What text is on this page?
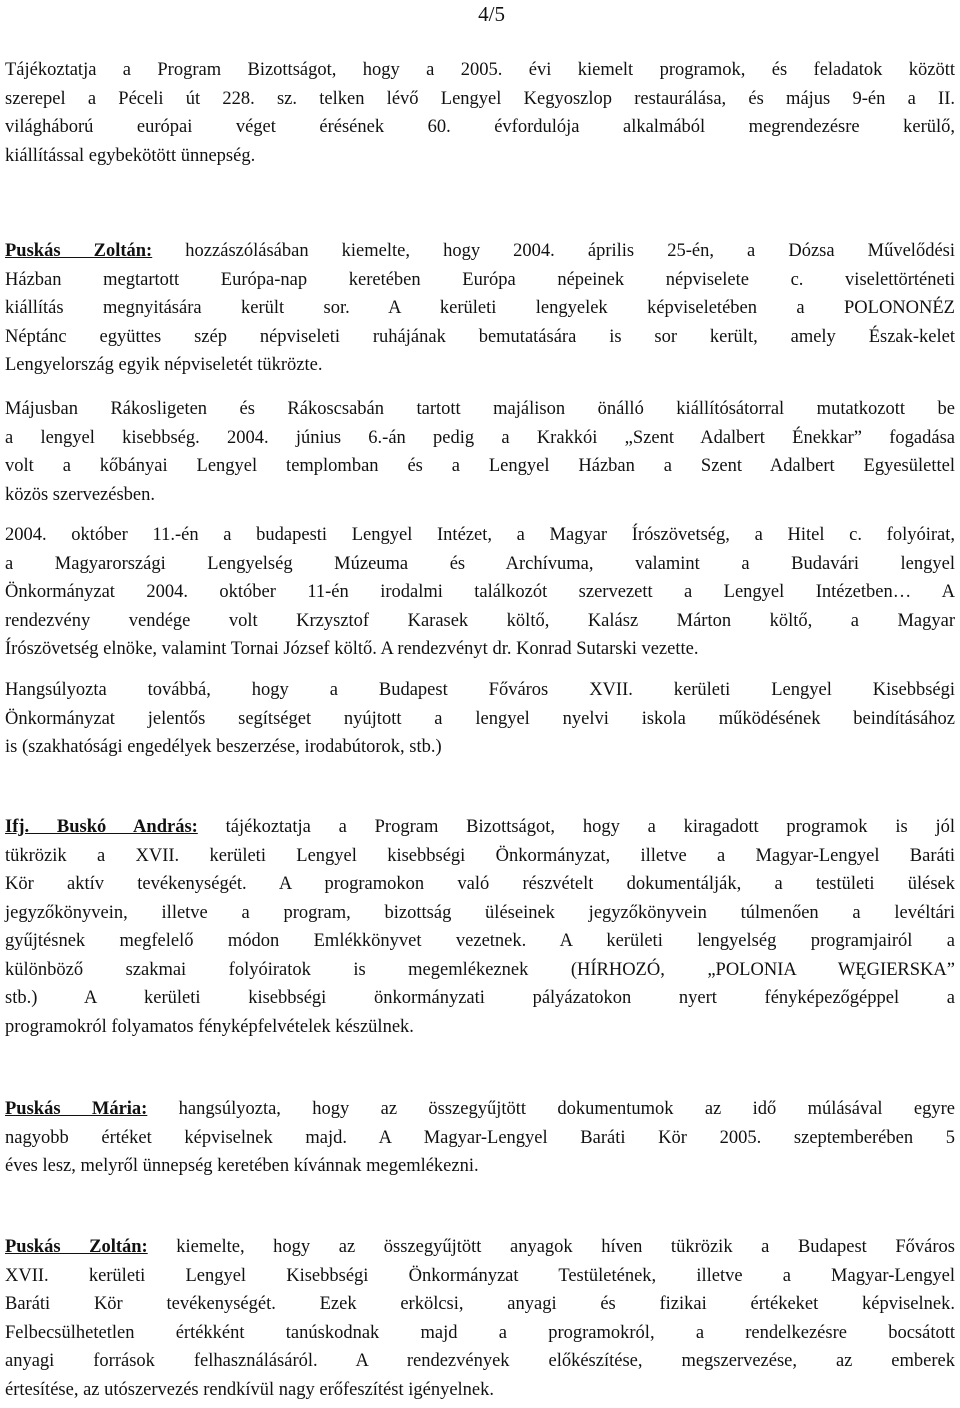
4/5
Tájékoztatja a Program Bizottságot, hogy a 2005. évi kiemelt programok, és feladatok között
szerepel a Péceli út 228. sz. telken lévő Lengyel Kegyoszlop restaurálása, és május 9-én a II.
világháború európai véget érésének 60. évfordulója alkalmából megrendezésre kerülő,
kiállítással egybekötött ünnepség.
Puskás Zoltán: hozzászólásában kiemelte, hogy 2004. április 25-én, a Dózsa Művelődési
Házban megtartott Európa-nap keretében Európa népeinek népviselete c. viselettörténeti
kiállítás megnyitására került sor. A kerületi lengyelek képviseletében a POLONONÉZ
Néptánc együttes szép népviseleti ruhájának bemutatására is sor került, amely Észak-kelet
Lengyelország egyik népviseletét tükrözte.
Májusban Rákosligeten és Rákoscsabán tartott majálison önálló kiállítósátorral mutatkozott be
a lengyel kisebbség. 2004. június 6.-án pedig a Krakkói „Szent Adalbert Énekkar” fogadása
volt a kőbányai Lengyel templomban és a Lengyel Házban a Szent Adalbert Egyesülettel
közös szervezésben.
2004. október 11.-én a budapesti Lengyel Intézet, a Magyar Írószövetség, a Hitel c. folyóirat,
a Magyarországi Lengyelség Múzeuma és Archívuma, valamint a Budavári lengyel
Önkormányzat 2004. október 11-én irodalmi találkozót szervezett a Lengyel Intézetben… A
rendezvény vendége volt Krzysztof Karasek költő, Kalász Márton költő, a Magyar
Írószövetség elnöke, valamint Tornai József költő. A rendezvényt dr. Konrad Sutarski vezette.
Hangsúlyozta továbbá, hogy a Budapest Főváros XVII. kerületi Lengyel Kisebbségi
Önkormányzat jelentős segítséget nyújtott a lengyel nyelvi iskola működésének beindításához
is (szakhatósági engedélyek beszerzése, irodabútorok, stb.)
Ifj. Buskó András: tájékoztatja a Program Bizottságot, hogy a kiragadott programok is jól
tükrözik a XVII. kerületi Lengyel kisebbségi Önkormányzat, illetve a Magyar-Lengyel Baráti
Kör aktív tevékenységét. A programokon való részvételt dokumentálják, a testületi ülések
jegyzőkönyvein, illetve a program, bizottság üléseinek jegyzőkönyvein túlmenően a levéltári
gyűjtésnek megfelelő módon Emlékkönyvet vezetnek. A kerületi lengyelség programjairól a
különböző szakmai folyóiratok is megemlékeznek (HÍRHOZÓ, „POLONIA WĘGIERSKA”
stb.) A kerületi kisebbségi önkormányzati pályázatokon nyert fényképezőgéppel a
programokról folyamatos fényképfelvételek készülnek.
Puskás Mária: hangsúlyozta, hogy az összegyűjtött dokumentumok az idő múlásával egyre
nagyobb értéket képviselnek majd. A Magyar-Lengyel Baráti Kör 2005. szeptemberében 5
éves lesz, melyről ünnepség keretében kívánnak megemlékezni.
Puskás Zoltán: kiemelte, hogy az összegyűjtött anyagok híven tükrözik a Budapest Főváros
XVII. kerületi Lengyel Kisebbségi Önkormányzat Testületének, illetve a Magyar-Lengyel
Baráti Kör tevékenységét. Ezek erkölcsi, anyagi és fizikai értékeket képviselnek.
Felbecsülhetetlen értékként tanúskodnak majd a programokról, a rendelkezésre bocsátott
anyagi források felhasználásáról. A rendezvények előkészítése, megszervezése, az emberek
értesítése, az utószervezés rendkívül nagy erőfeszítést igényelnek.
